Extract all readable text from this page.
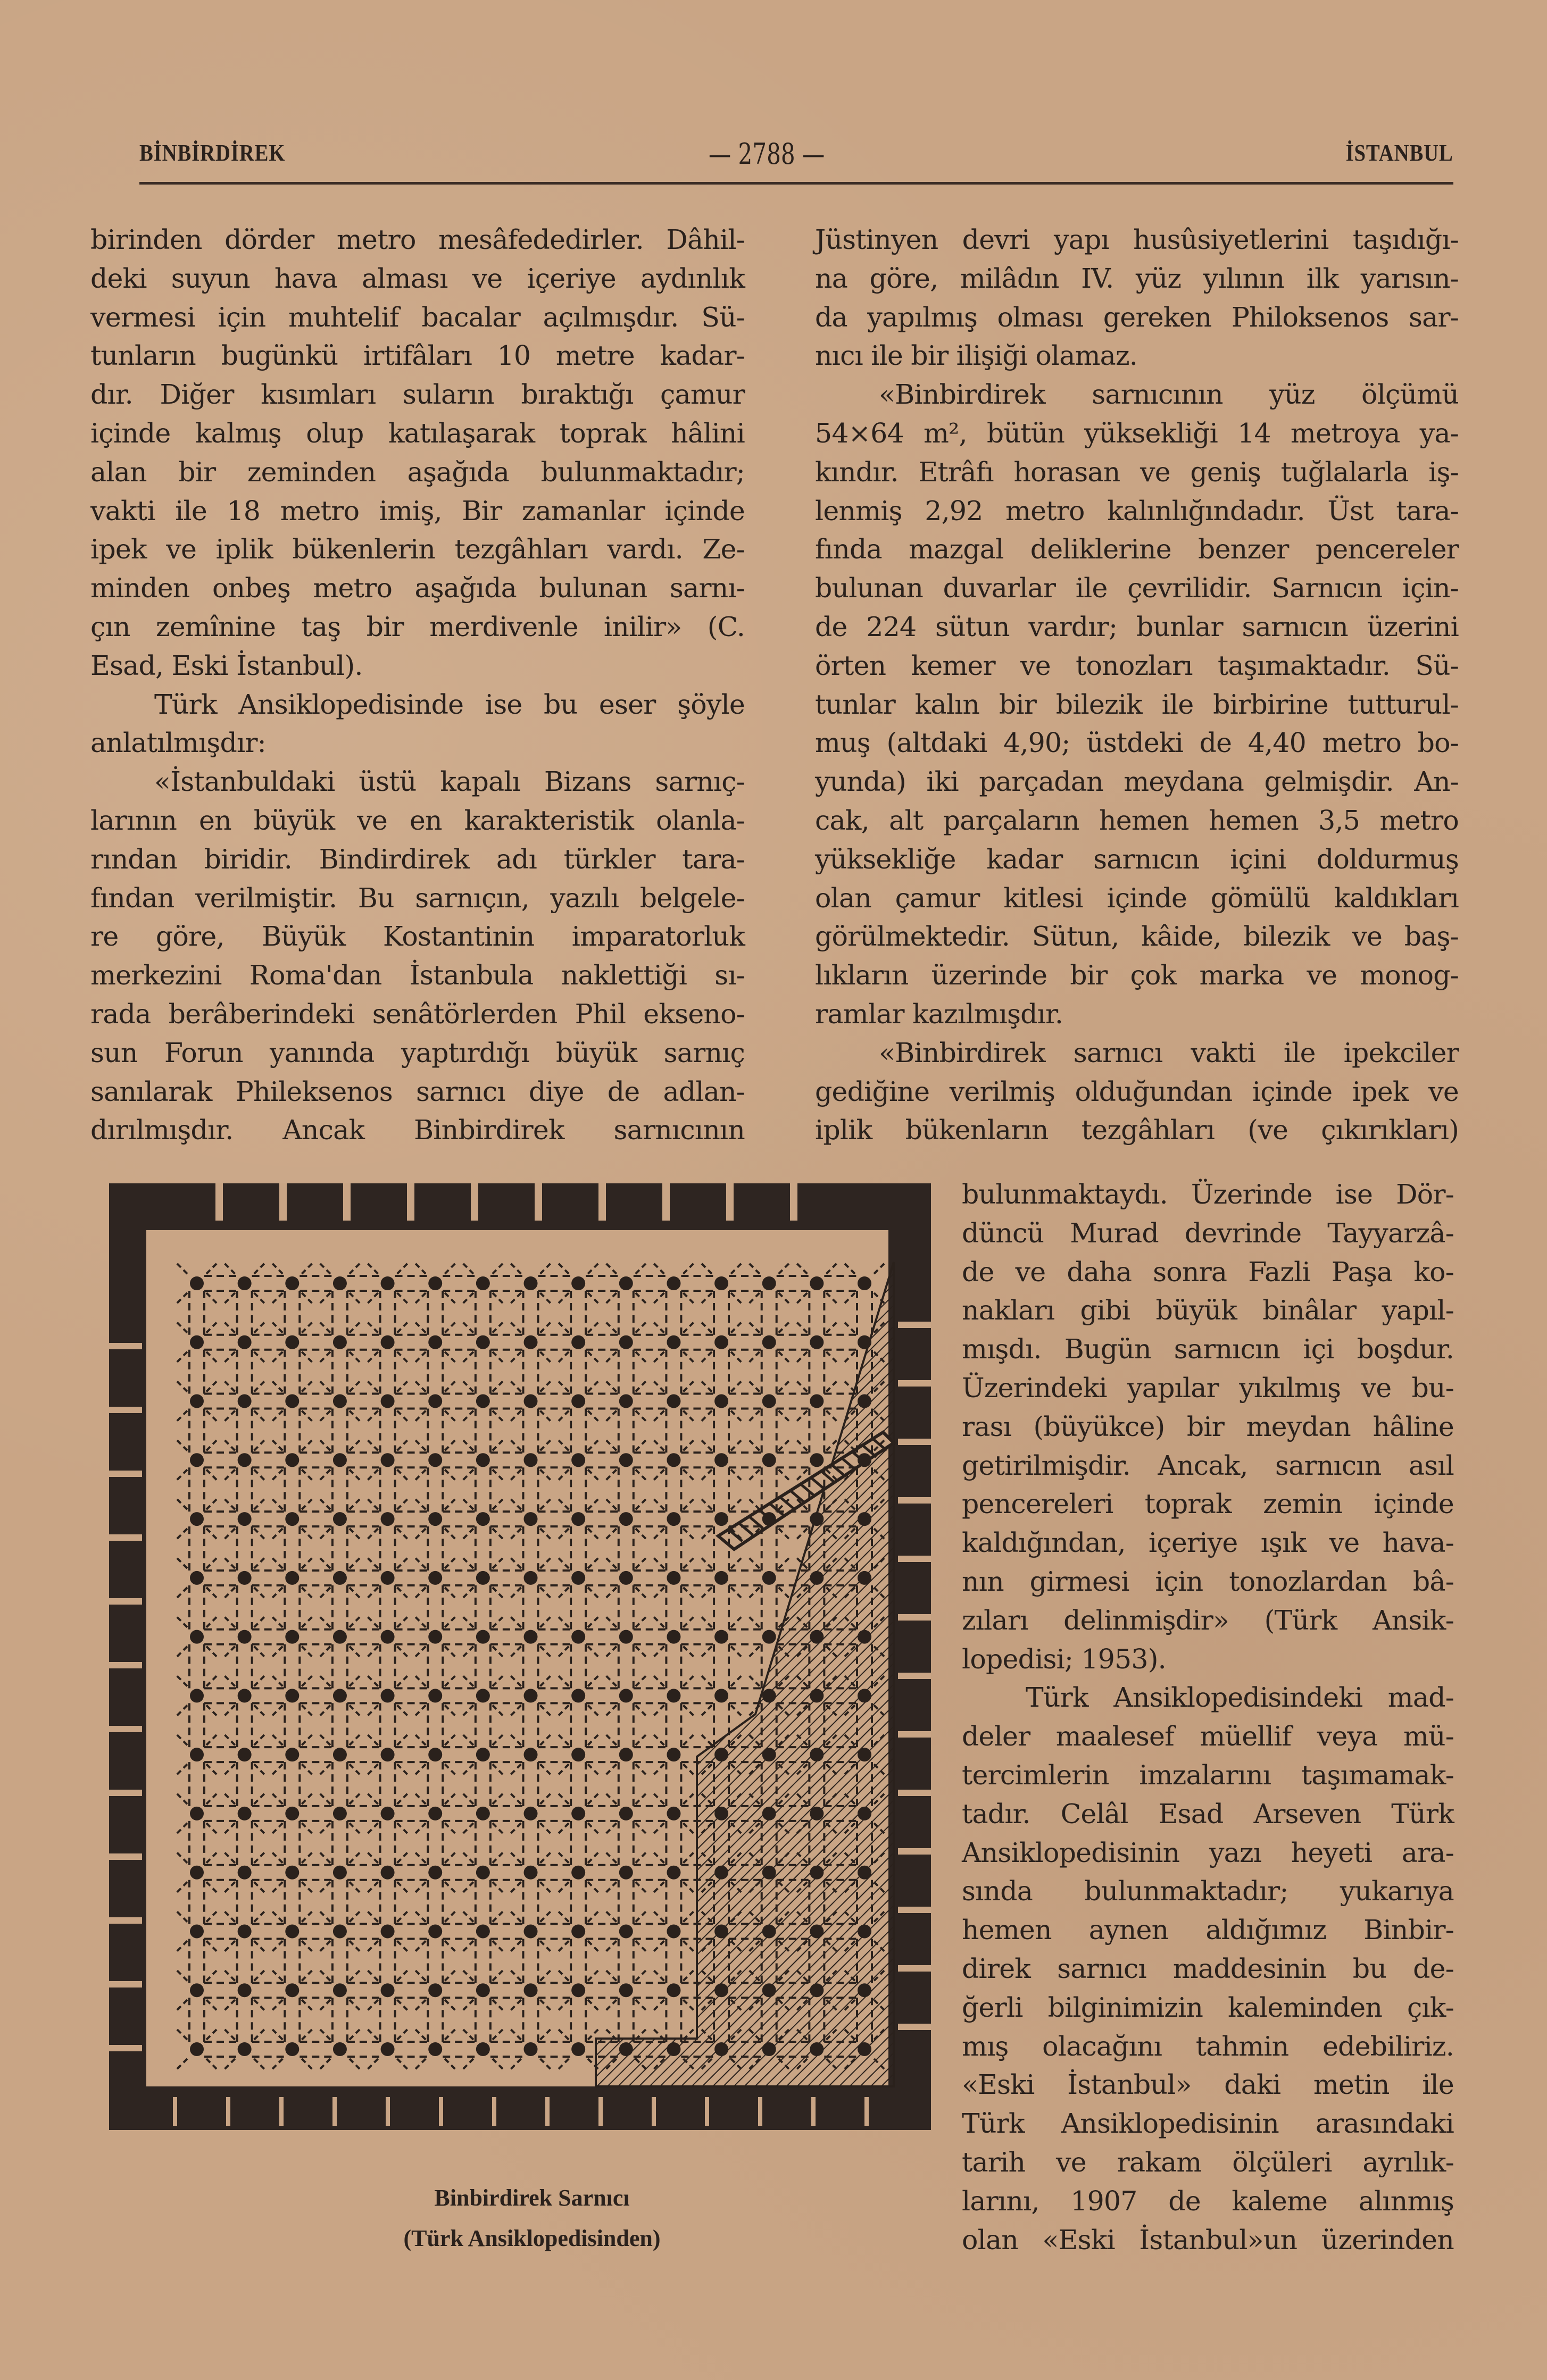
BİNBİRDİREK	— 2788 —	İSTANBUL
birinden dörder metro mesâfededirler. Dâhil-
deki suyun hava alması ve içeriye aydınlık
vermesi için muhtelif bacalar açılmışdır. Sü-
tunların bugünkü irtifâları 10 metre kadar-
dır. Diğer kısımları suların bıraktığı çamur
içinde kalmış olup katılaşarak toprak hâlini
alan bir zeminden aşağıda bulunmaktadır;
vakti ile 18 metro imiş, Bir zamanlar içinde
ipek ve iplik bükenlerin tezgâhları vardı. Ze-
minden onbeş metro aşağıda bulunan sarnı-
çın zemînine taş bir merdivenle inilir» (C.
Esad, Eski İstanbul).
Türk Ansiklopedisinde ise bu eser şöyle
anlatılmışdır:
«İstanbuldaki üstü kapalı Bizans sarnıç-
larının en büyük ve en karakteristik olanla-
rından biridir. Bindirdirek adı türkler tara-
fından verilmiştir. Bu sarnıçın, yazılı belgele-
re göre, Büyük Kostantinin imparatorluk
merkezini Roma'dan İstanbula naklettiği sı-
rada berâberindeki senâtörlerden Phil ekseno-
sun Forun yanında yaptırdığı büyük sarnıç
sanılarak Phileksenos sarnıcı diye de adlan-
dırılmışdır. Ancak Binbirdirek sarnıcının
Jüstinyen devri yapı husûsiyetlerini taşıdığı-
na göre, milâdın IV. yüz yılının ilk yarısın-
da yapılmış olması gereken Philoksenos sar-
nıcı ile bir ilişiği olamaz.
«Binbirdirek sarnıcının yüz ölçümü
54×64 m², bütün yüksekliği 14 metroya ya-
kındır. Etrâfı horasan ve geniş tuğlalarla iş-
lenmiş 2,92 metro kalınlığındadır. Üst tara-
fında mazgal deliklerine benzer pencereler
bulunan duvarlar ile çevrilidir. Sarnıcın için-
de 224 sütun vardır; bunlar sarnıcın üzerini
örten kemer ve tonozları taşımaktadır. Sü-
tunlar kalın bir bilezik ile birbirine tutturul-
muş (altdaki 4,90; üstdeki de 4,40 metro bo-
yunda) iki parçadan meydana gelmişdir. An-
cak, alt parçaların hemen hemen 3,5 metro
yüksekliğe kadar sarnıcın içini doldurmuş
olan çamur kitlesi içinde gömülü kaldıkları
görülmektedir. Sütun, kâide, bilezik ve baş-
lıkların üzerinde bir çok marka ve monog-
ramlar kazılmışdır.
«Binbirdirek sarnıcı vakti ile ipekciler
gediğine verilmiş olduğundan içinde ipek ve
iplik bükenların tezgâhları (ve çıkırıkları)
bulunmaktaydı. Üzerinde ise Dör-
düncü Murad devrinde Tayyarzâ-
de ve daha sonra Fazli Paşa ko-
nakları gibi büyük binâlar yapıl-
mışdı. Bugün sarnıcın içi boşdur.
Üzerindeki yapılar yıkılmış ve bu-
rası (büyükce) bir meydan hâline
getirilmişdir. Ancak, sarnıcın asıl
pencereleri toprak zemin içinde
kaldığından, içeriye ışık ve hava-
nın girmesi için tonozlardan bâ-
zıları delinmişdir» (Türk Ansik-
lopedisi; 1953).
Türk Ansiklopedisindeki mad-
deler maalesef müellif veya mü-
tercimlerin imzalarını taşımamak-
tadır. Celâl Esad Arseven Türk
Ansiklopedisinin yazı heyeti ara-
sında bulunmaktadır; yukarıya
hemen aynen aldığımız Binbir-
direk sarnıcı maddesinin bu de-
ğerli bilginimizin kaleminden çık-
mış olacağını tahmin edebiliriz.
«Eski İstanbul» daki metin ile
Türk Ansiklopedisinin arasındaki
tarih ve rakam ölçüleri ayrılık-
larını, 1907 de kaleme alınmış
olan «Eski İstanbul»un üzerinden
Binbirdirek Sarnıcı
(Türk Ansiklopedisinden)
